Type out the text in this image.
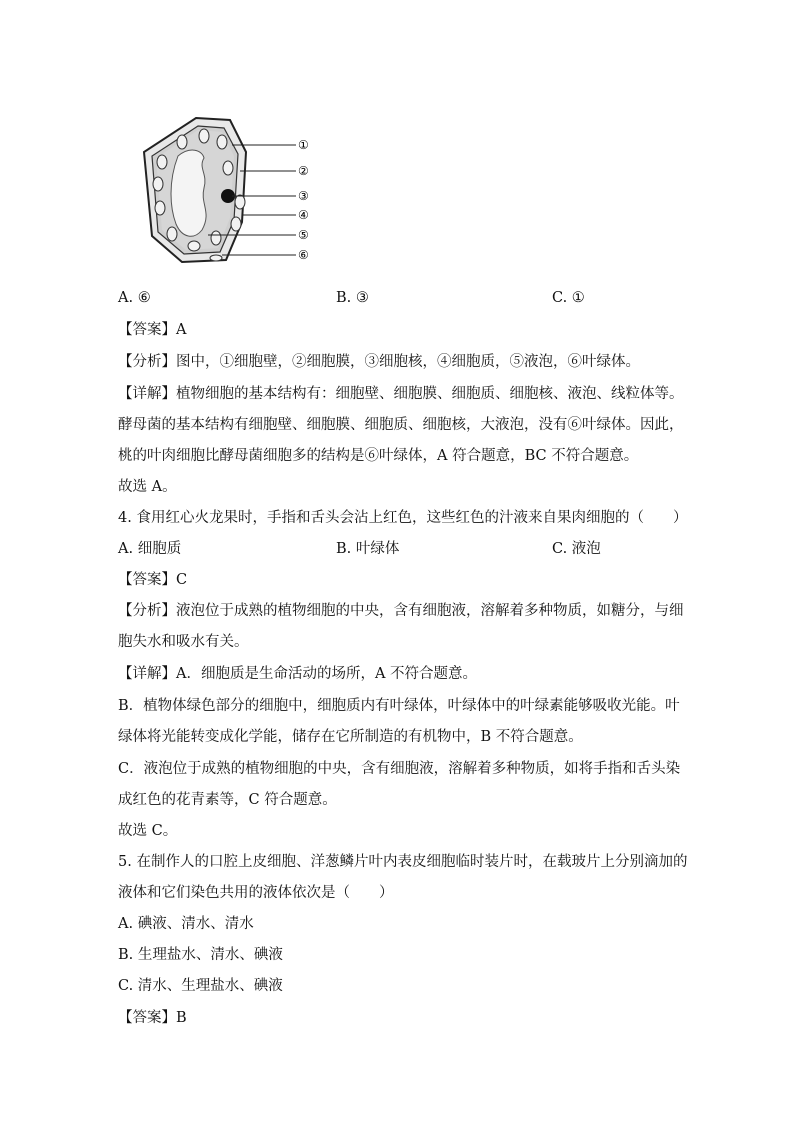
①
②
③
④
⑤
⑥
A. ⑥	B. ③	C. ①
【答案】A
【分析】图中，①细胞壁，②细胞膜，③细胞核，④细胞质，⑤液泡，⑥叶绿体。
【详解】植物细胞的基本结构有：细胞壁、细胞膜、细胞质、细胞核、液泡、线粒体等。
酵母菌的基本结构有细胞壁、细胞膜、细胞质、细胞核，大液泡，没有⑥叶绿体。因此，
桃的叶肉细胞比酵母菌细胞多的结构是⑥叶绿体，A 符合题意，BC 不符合题意。
故选 A。
4. 食用红心火龙果时，手指和舌头会沾上红色，这些红色的汁液来自果肉细胞的（　　）
A. 细胞质	B. 叶绿体	C. 液泡
【答案】C
【分析】液泡位于成熟的植物细胞的中央，含有细胞液，溶解着多种物质，如糖分，与细
胞失水和吸水有关。
【详解】A．细胞质是生命活动的场所，A 不符合题意。
B．植物体绿色部分的细胞中，细胞质内有叶绿体，叶绿体中的叶绿素能够吸收光能。叶
绿体将光能转变成化学能，储存在它所制造的有机物中，B 不符合题意。
C．液泡位于成熟的植物细胞的中央，含有细胞液，溶解着多种物质，如将手指和舌头染
成红色的花青素等，C 符合题意。
故选 C。
5. 在制作人的口腔上皮细胞、洋葱鳞片叶内表皮细胞临时装片时，在载玻片上分别滴加的
液体和它们染色共用的液体依次是（　　）
A. 碘液、清水、清水
B. 生理盐水、清水、碘液
C. 清水、生理盐水、碘液
【答案】B
